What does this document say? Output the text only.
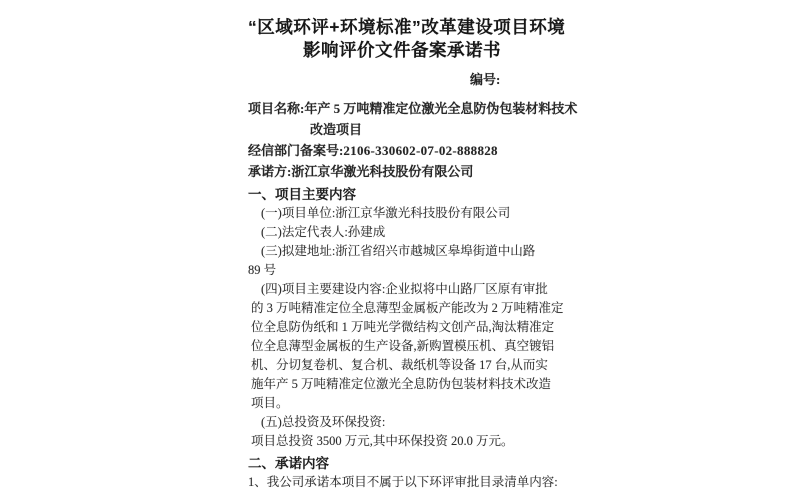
“区域环评+环境标准”改革建设项目环境
影响评价文件备案承诺书
编号:
项目名称:年产 5 万吨精准定位激光全息防伪包装材料技术
改造项目
经信部门备案号:2106-330602-07-02-888828
承诺方:浙江京华激光科技股份有限公司
一、项目主要内容
(一)项目单位:浙江京华激光科技股份有限公司
(二)法定代表人:孙建成
(三)拟建地址:浙江省绍兴市越城区皋埠街道中山路
89 号
(四)项目主要建设内容:企业拟将中山路厂区原有审批
的 3 万吨精准定位全息薄型金属板产能改为 2 万吨精准定
位全息防伪纸和 1 万吨光学微结构文创产品,淘汰精准定
位全息薄型金属板的生产设备,新购置模压机、真空镀铝
机、分切复卷机、复合机、裁纸机等设备 17 台,从而实
施年产 5 万吨精准定位激光全息防伪包装材料技术改造
项目。
(五)总投资及环保投资:
项目总投资 3500 万元,其中环保投资 20.0 万元。
二、承诺内容
1、我公司承诺本项目不属于以下环评审批目录清单内容:
